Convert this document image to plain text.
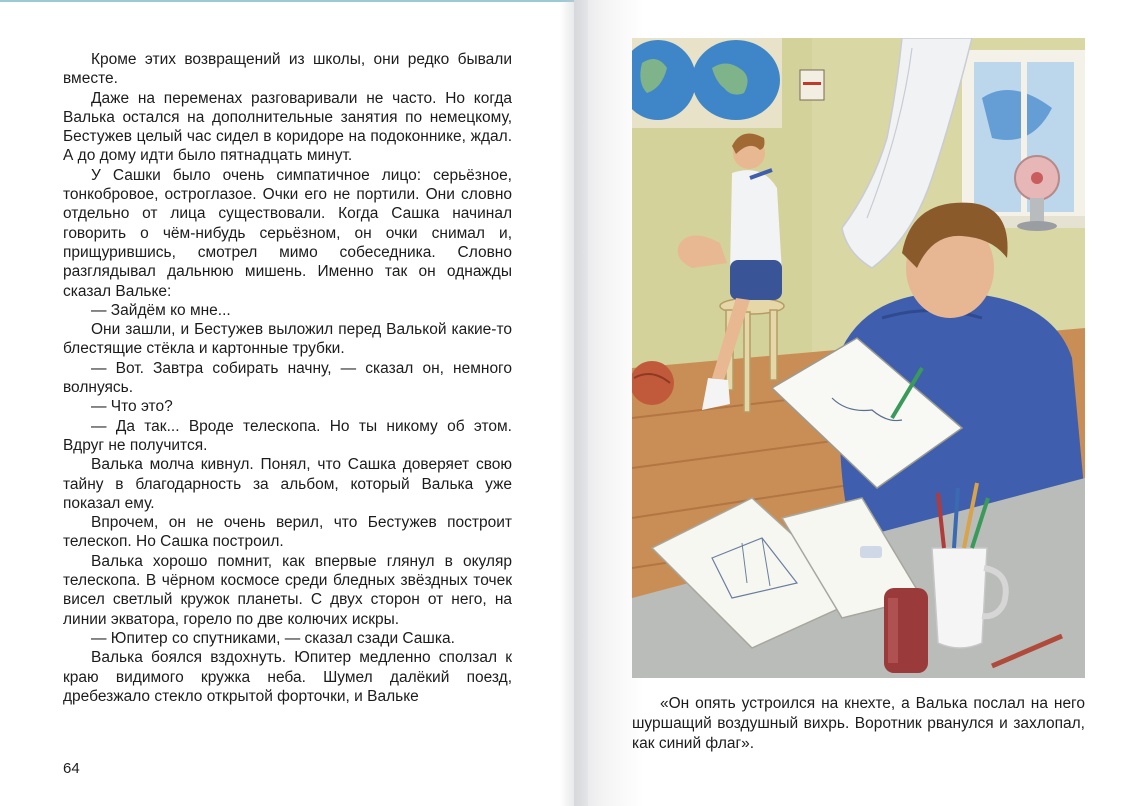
Кроме этих возвращений из школы, они редко бывали вместе.

Даже на переменах разговаривали не часто. Но когда Валька остался на дополнительные занятия по немецкому, Бестужев целый час сидел в коридоре на подоконнике, ждал. А до дому идти было пятнадцать минут.

У Сашки было очень симпатичное лицо: серьёзное, тонкобровое, остроглазое. Очки его не портили. Они словно отдельно от лица существовали. Когда Сашка начинал говорить о чём-нибудь серьёзном, он очки снимал и, прищурившись, смотрел мимо собеседника. Словно разглядывал дальнюю мишень. Именно так он однажды сказал Вальке:

— Зайдём ко мне...

Они зашли, и Бестужев выложил перед Валькой какие-то блестящие стёкла и картонные трубки.

— Вот. Завтра собирать начну, — сказал он, немного волнуясь.

— Что это?

— Да так... Вроде телескопа. Но ты никому об этом. Вдруг не получится.

Валька молча кивнул. Понял, что Сашка доверяет свою тайну в благодарность за альбом, который Валька уже показал ему.

Впрочем, он не очень верил, что Бестужев построит телескоп. Но Сашка построил.

Валька хорошо помнит, как впервые глянул в окуляр телескопа. В чёрном космосе среди бледных звёздных точек висел светлый кружок планеты. С двух сторон от него, на линии экватора, горело по две колючих искры.

— Юпитер со спутниками, — сказал сзади Сашка.

Валька боялся вздохнуть. Юпитер медленно сползал к краю видимого кружка неба. Шумел далёкий поезд, дребезжало стекло открытой форточки, и Вальке

64

«Он опять устроился на кнехте, а Валька послал на него шуршащий воздушный вихрь. Воротник рванулся и захлопал, как синий флаг».
